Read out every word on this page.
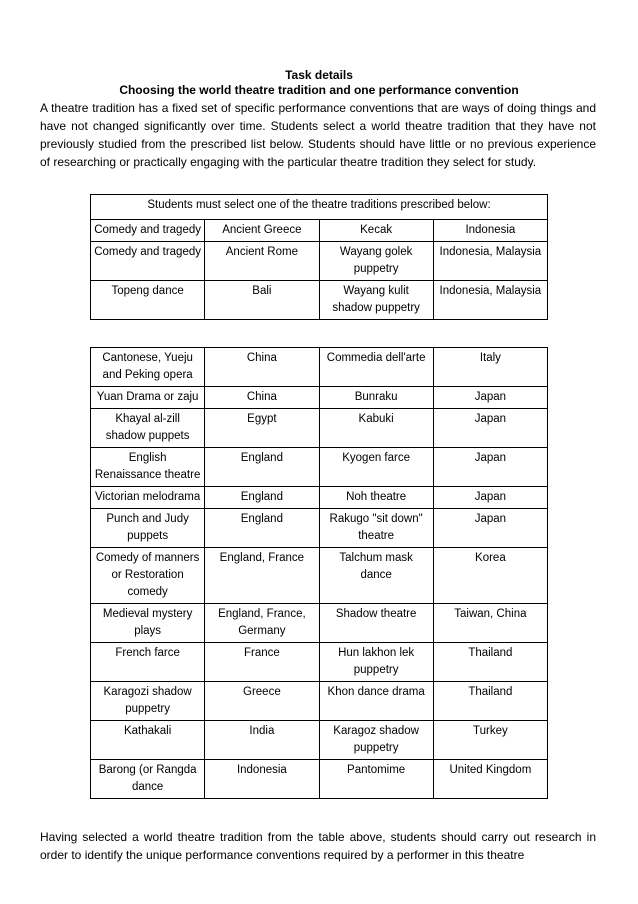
Task details
Choosing the world theatre tradition and one performance convention
A theatre tradition has a fixed set of specific performance conventions that are ways of doing things and have not changed significantly over time. Students select a world theatre tradition that they have not previously studied from the prescribed list below. Students should have little or no previous experience of researching or practically engaging with the particular theatre tradition they select for study.
Students must select one of the theatre traditions prescribed below:			
Comedy and tragedy	Ancient Greece	Kecak	Indonesia
Comedy and tragedy	Ancient Rome	Wayang golek puppetry	Indonesia, Malaysia
Topeng dance	Bali	Wayang kulit shadow puppetry	Indonesia, Malaysia
Cantonese, Yueju and Peking opera	China	Commedia dell'arte	Italy
Yuan Drama or zaju	China	Bunraku	Japan
Khayal al-zill shadow puppets	Egypt	Kabuki	Japan
English Renaissance theatre	England	Kyogen farce	Japan
Victorian melodrama	England	Noh theatre	Japan
Punch and Judy puppets	England	Rakugo "sit down" theatre	Japan
Comedy of manners or Restoration comedy	England, France	Talchum mask dance	Korea
Medieval mystery plays	England, France, Germany	Shadow theatre	Taiwan, China
French farce	France	Hun lakhon lek puppetry	Thailand
Karagozi shadow puppetry	Greece	Khon dance drama	Thailand
Kathakali	India	Karagoz shadow puppetry	Turkey
Barong (or Rangda dance	Indonesia	Pantomime	United Kingdom
Having selected a world theatre tradition from the table above, students should carry out research in order to identify the unique performance conventions required by a performer in this theatre
